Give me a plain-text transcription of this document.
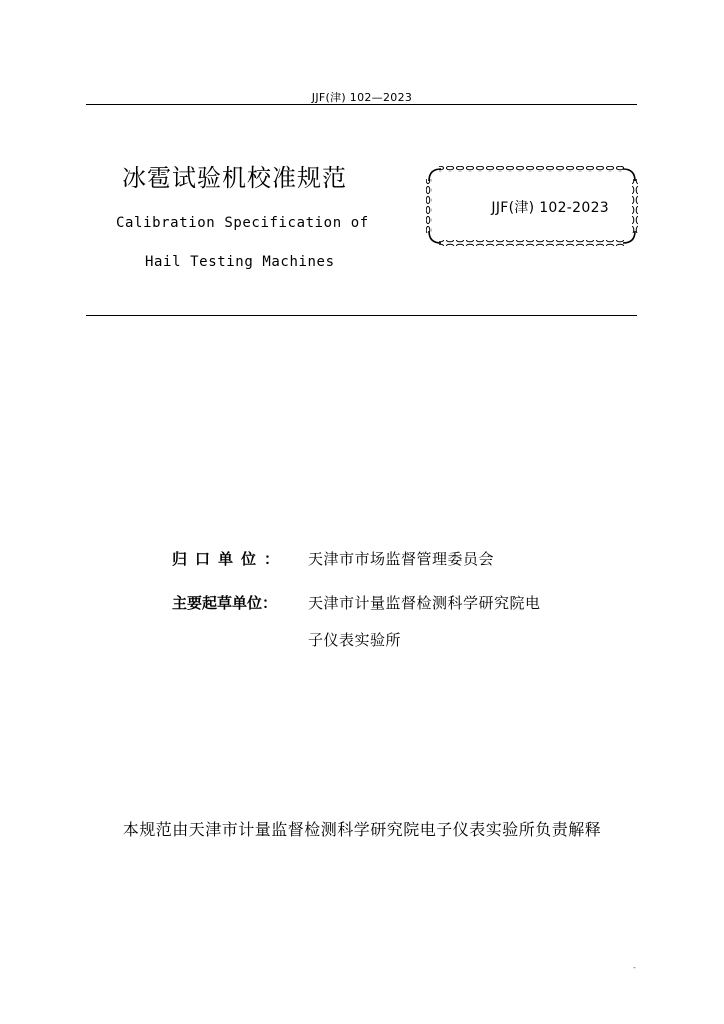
JJF(津) 102—2023
冰雹试验机校准规范
Calibration Specification of
Hail Testing Machines
JJF(津) 102-2023
归口单位：	天津市市场监督管理委员会
主要起草单位：	天津市计量监督检测科学研究院电
子仪表实验所
本规范由天津市计量监督检测科学研究院电子仪表实验所负责解释
-
